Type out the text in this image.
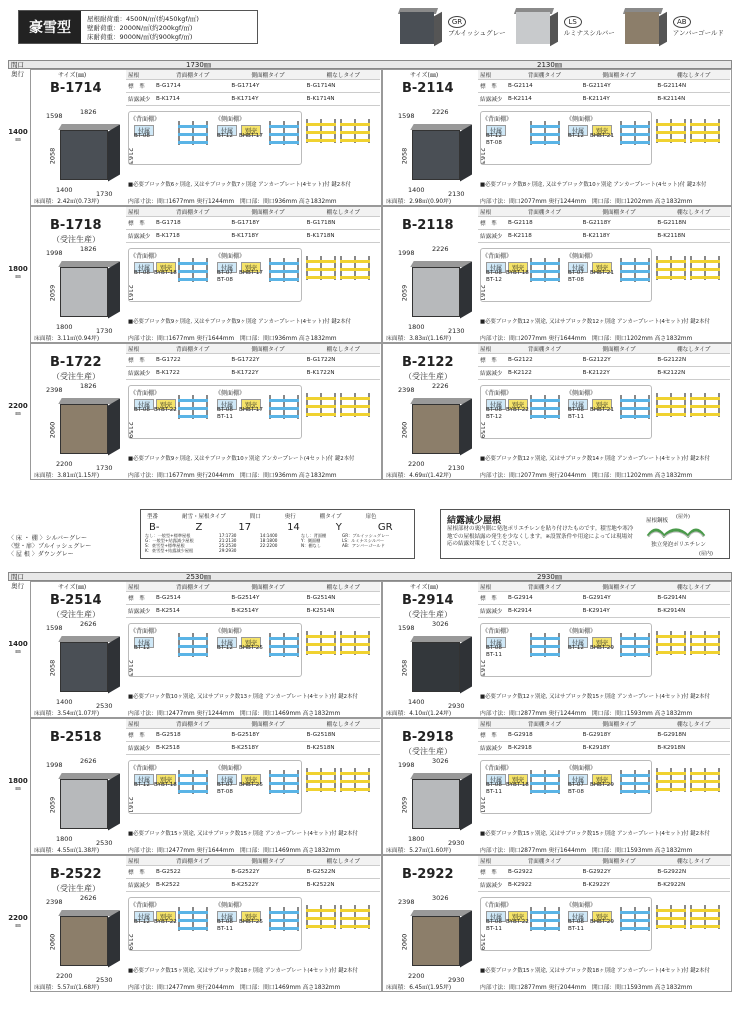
豪雪型
屋根耐荷重：4500N/㎡(約450kgf/㎡)
壁耐荷重：2000N/㎡(約200kgf/㎡)
床耐荷重：9000N/㎡(約900kgf/㎡)
GR
ブルイッシュグレー
LS
ルミナスシルバー
AB
アンバーゴールド
間口
奥行
1730㎜	2130㎜
1400
㎜
サイズ(㎜)
B-1714
1598	1826
2058	2163
1400	1730
床面積：2.42㎡(0.73坪)
屋根	背面棚タイプ	側面棚タイプ	棚なしタイプ
標　準	B-G1714	B-G1714Y	B-G1714N
結露減少	B-K1714	B-K1714Y	B-K1714N
《背面棚》	《側面棚》
付属
BT-08
付属
BT-12
別売
BHBT-17
■必要ブロック数6ヶ別途, 又はサブロック数7ヶ別途 アンカープレート(4セット)付 鍵2本付
内部寸法：間口1677mm 奥行1244mm　開口部：間口936mm 高さ1832mm
サイズ(㎜)
B-2114
1598	2226
2058	2163
1400	2130
床面積：2.98㎡(0.90坪)
屋根	背面棚タイプ	側面棚タイプ	棚なしタイプ
標　準	B-G2114	B-G2114Y	B-G2114N
結露減少	B-K2114	B-K2114Y	B-K2114N
《背面棚》	《側面棚》
付属
BT-12
BT-08
付属
BT-12
別売
BHBT-21
■必要ブロック数8ヶ別途, 又はサブロック数10ヶ別途 アンカープレート(4セット)付 鍵2本付
内部寸法：間口2077mm 奥行1244mm　開口部：間口1202mm 高さ1832mm
1800
㎜
B-1718
（受注生産）
1998	1826
2059	2161
1800	1730
床面積：3.11㎡(0.94坪)
屋根	背面棚タイプ	側面棚タイプ	棚なしタイプ
標　準	B-G1718	B-G1718Y	B-G1718N
結露減少	B-K1718	B-K1718Y	B-K1718N
《背面棚》	《側面棚》
付属
BT-08
別売
BYBT-18
付属
BT-07
BT-08
別売
BHBT-17
■必要ブロック数9ヶ別途, 又はサブロック数9ヶ別途 アンカープレート(4セット)付 鍵2本付
内部寸法：間口1677mm 奥行1644mm　開口部：間口936mm 高さ1832mm
B-2118
1998	2226
2059	2161
1800	2130
床面積：3.83㎡(1.16坪)
屋根	背面棚タイプ	側面棚タイプ	棚なしタイプ
標　準	B-G2118	B-G2118Y	B-G2118N
結露減少	B-K2118	B-K2118Y	B-K2118N
《背面棚》	《側面棚》
付属
BT-08
BT-12
別売
BYBT-18
付属
BT-07
BT-08
別売
BHBT-21
■必要ブロック数12ヶ別途, 又はサブロック数12ヶ別途 アンカープレート(4セット)付 鍵2本付
内部寸法：間口2077mm 奥行1644mm　開口部：間口1202mm 高さ1832mm
2200
㎜
B-1722
（受注生産）
2398	1826
2060	2159
2200	1730
床面積：3.81㎡(1.15坪)
屋根	背面棚タイプ	側面棚タイプ	棚なしタイプ
標　準	B-G1722	B-G1722Y	B-G1722N
結露減少	B-K1722	B-K1722Y	B-K1722N
《背面棚》	《側面棚》
付属
BT-08
別売
BYBT-22
付属
BT-08
BT-11
別売
BHBT-17
■必要ブロック数9ヶ別途, 又はサブロック数10ヶ別途 アンカープレート(4セット)付 鍵2本付
内部寸法：間口1677mm 奥行2044mm　開口部：間口936mm 高さ1832mm
B-2122
（受注生産）
2398	2226
2060	2159
2200	2130
床面積：4.69㎡(1.42坪)
屋根	背面棚タイプ	側面棚タイプ	棚なしタイプ
標　準	B-G2122	B-G2122Y	B-G2122N
結露減少	B-K2122	B-K2122Y	B-K2122N
《背面棚》	《側面棚》
付属
BT-08
BT-12
別売
BYBT-22
付属
BT-08
BT-11
別売
BHBT-21
■必要ブロック数12ヶ別途, 又はサブロック数14ヶ別途 アンカープレート(4セット)付 鍵2本付
内部寸法：間口2077mm 奥行2044mm　開口部：間口1202mm 高さ1832mm
間口
奥行
2530㎜	2930㎜
1400
㎜
サイズ(㎜)
B-2514
（受注生産）
1598	2626
2058	2163
1400	2530
床面積：3.54㎡(1.07坪)
屋根	背面棚タイプ	側面棚タイプ	棚なしタイプ
標　準	B-G2514	B-G2514Y	B-G2514N
結露減少	B-K2514	B-K2514Y	B-K2514N
《背面棚》	《側面棚》
付属
BT-12
付属
BT-12
別売
BHBT-25
■必要ブロック数10ヶ別途, 又はサブロック数13ヶ別途 アンカープレート(4セット)付 鍵2本付
内部寸法：間口2477mm 奥行1244mm　開口部：間口1469mm 高さ1832mm
サイズ(㎜)
B-2914
（受注生産）
1598	3026
2058	2163
1400	2930
床面積：4.10㎡(1.24坪)
屋根	背面棚タイプ	側面棚タイプ	棚なしタイプ
標　準	B-G2914	B-G2914Y	B-G2914N
結露減少	B-K2914	B-K2914Y	B-K2914N
《背面棚》	《側面棚》
付属
BT-08
BT-11
付属
BT-12
別売
BHBT-29
■必要ブロック数12ヶ別途, 又はサブロック数15ヶ別途 アンカープレート(4セット)付 鍵2本付
内部寸法：間口2877mm 奥行1244mm　開口部：間口1593mm 高さ1832mm
1800
㎜
B-2518
1998	2626
2059	2161
1800	2530
床面積：4.55㎡(1.38坪)
屋根	背面棚タイプ	側面棚タイプ	棚なしタイプ
標　準	B-G2518	B-G2518Y	B-G2518N
結露減少	B-K2518	B-K2518Y	B-K2518N
《背面棚》	《側面棚》
付属
BT-12
別売
BYBT-18
付属
BT-07
BT-08
別売
BHBT-25
■必要ブロック数15ヶ別途, 又はサブロック数15ヶ別途 アンカープレート(4セット)付 鍵2本付
内部寸法：間口2477mm 奥行1644mm　開口部：間口1469mm 高さ1832mm
B-2918
（受注生産）
1998	3026
2059	2161
1800	2930
床面積：5.27㎡(1.60坪)
屋根	背面棚タイプ	側面棚タイプ	棚なしタイプ
標　準	B-G2918	B-G2918Y	B-G2918N
結露減少	B-K2918	B-K2918Y	B-K2918N
《背面棚》	《側面棚》
付属
BT-08
BT-11
別売
BYBT-18
付属
BT-07
BT-08
別売
BHBT-29
■必要ブロック数15ヶ別途, 又はサブロック数15ヶ別途 アンカープレート(4セット)付 鍵2本付
内部寸法：間口2877mm 奥行1644mm　開口部：間口1593mm 高さ1832mm
2200
㎜
B-2522
（受注生産）
2398	2626
2060	2159
2200	2530
床面積：5.57㎡(1.68坪)
屋根	背面棚タイプ	側面棚タイプ	棚なしタイプ
標　準	B-G2522	B-G2522Y	B-G2522N
結露減少	B-K2522	B-K2522Y	B-K2522N
《背面棚》	《側面棚》
付属
BT-12
別売
BYBT-22
付属
BT-08
BT-11
別売
BHBT-25
■必要ブロック数15ヶ別途, 又はサブロック数18ヶ別途 アンカープレート(4セット)付 鍵2本付
内部寸法：間口2477mm 奥行2044mm　開口部：間口1469mm 高さ1832mm
B-2922
2398	3026
2060	2159
2200	2930
床面積：6.45㎡(1.95坪)
屋根	背面棚タイプ	側面棚タイプ	棚なしタイプ
標　準	B-G2922	B-G2922Y	B-G2922N
結露減少	B-K2922	B-K2922Y	B-K2922N
《背面棚》	《側面棚》
付属
BT-08
BT-11
別売
BYBT-22
付属
BT-08
BT-11
別売
BHBT-29
■必要ブロック数15ヶ別途, 又はサブロック数18ヶ別途 アンカープレート(4セット)付 鍵2本付
内部寸法：間口2877mm 奥行2044mm　開口部：間口1593mm 高さ1832mm
〈 床 ・ 棚 〉シルバーグレー
〈壁・扉〉ブルイッシュグレー
〈 屋 根 〉ダウングレー
型番	耐雪・屋根タイプ	間口	奥行	棚タイプ	扉色
B-	Z	17	14	Y	GR
なし：一般型+標準屋根
G：一般型+結露減少屋根
S：豪雪型+標準屋根
K：豪雪型+結露減少屋根
17:1730
21:2130
25:2530
29:2930
14:1400
18:1800
22:2200
なし：背面棚
Y：側面棚
N：棚なし
GR：ブルイッシュグレー
LS：ルミナスシルバー
AB：アンバーゴールド
結露減少屋根
屋根部材の裏内側に発泡ポリエチレンを貼り付けたものです。積雪地や寒冷地での屋根結露の発生を少なくします。※設置条件や用途によっては現場対応の結露対策をしてください。
(屋外)
屋根鋼板
独立発泡ポリエチレン
(屋内)
